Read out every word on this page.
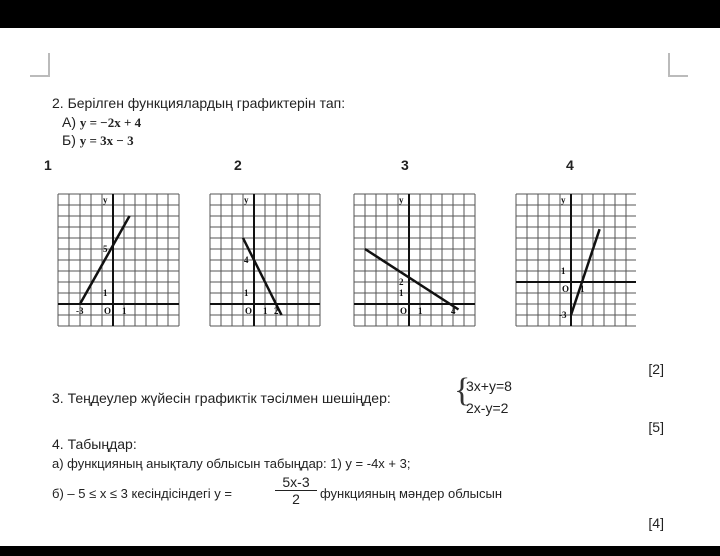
2. Берілген функциялардың графиктерін тап:
А) y = −2x + 4
Б) y = 3x − 3
1	2	3	4
y
O
5
1
-3	1
y
O
4
1
1 2
y
O
2
1
1	4
y
O
1
1
-3
[2]
3. Теңдеулер жүйесін графиктік тәсілмен шешіңдер: {
3x+y=8
2x-y=2
[5]
4. Табыңдар:
а) функцияның анықталу облысын табыңдар: 1) y = -4x + 3;
б) – 5 ≤ x ≤ 3 кесіндісіндегі y =	$\frac{5x-3}{2}$ функцияның мәндер облысын
[4]
